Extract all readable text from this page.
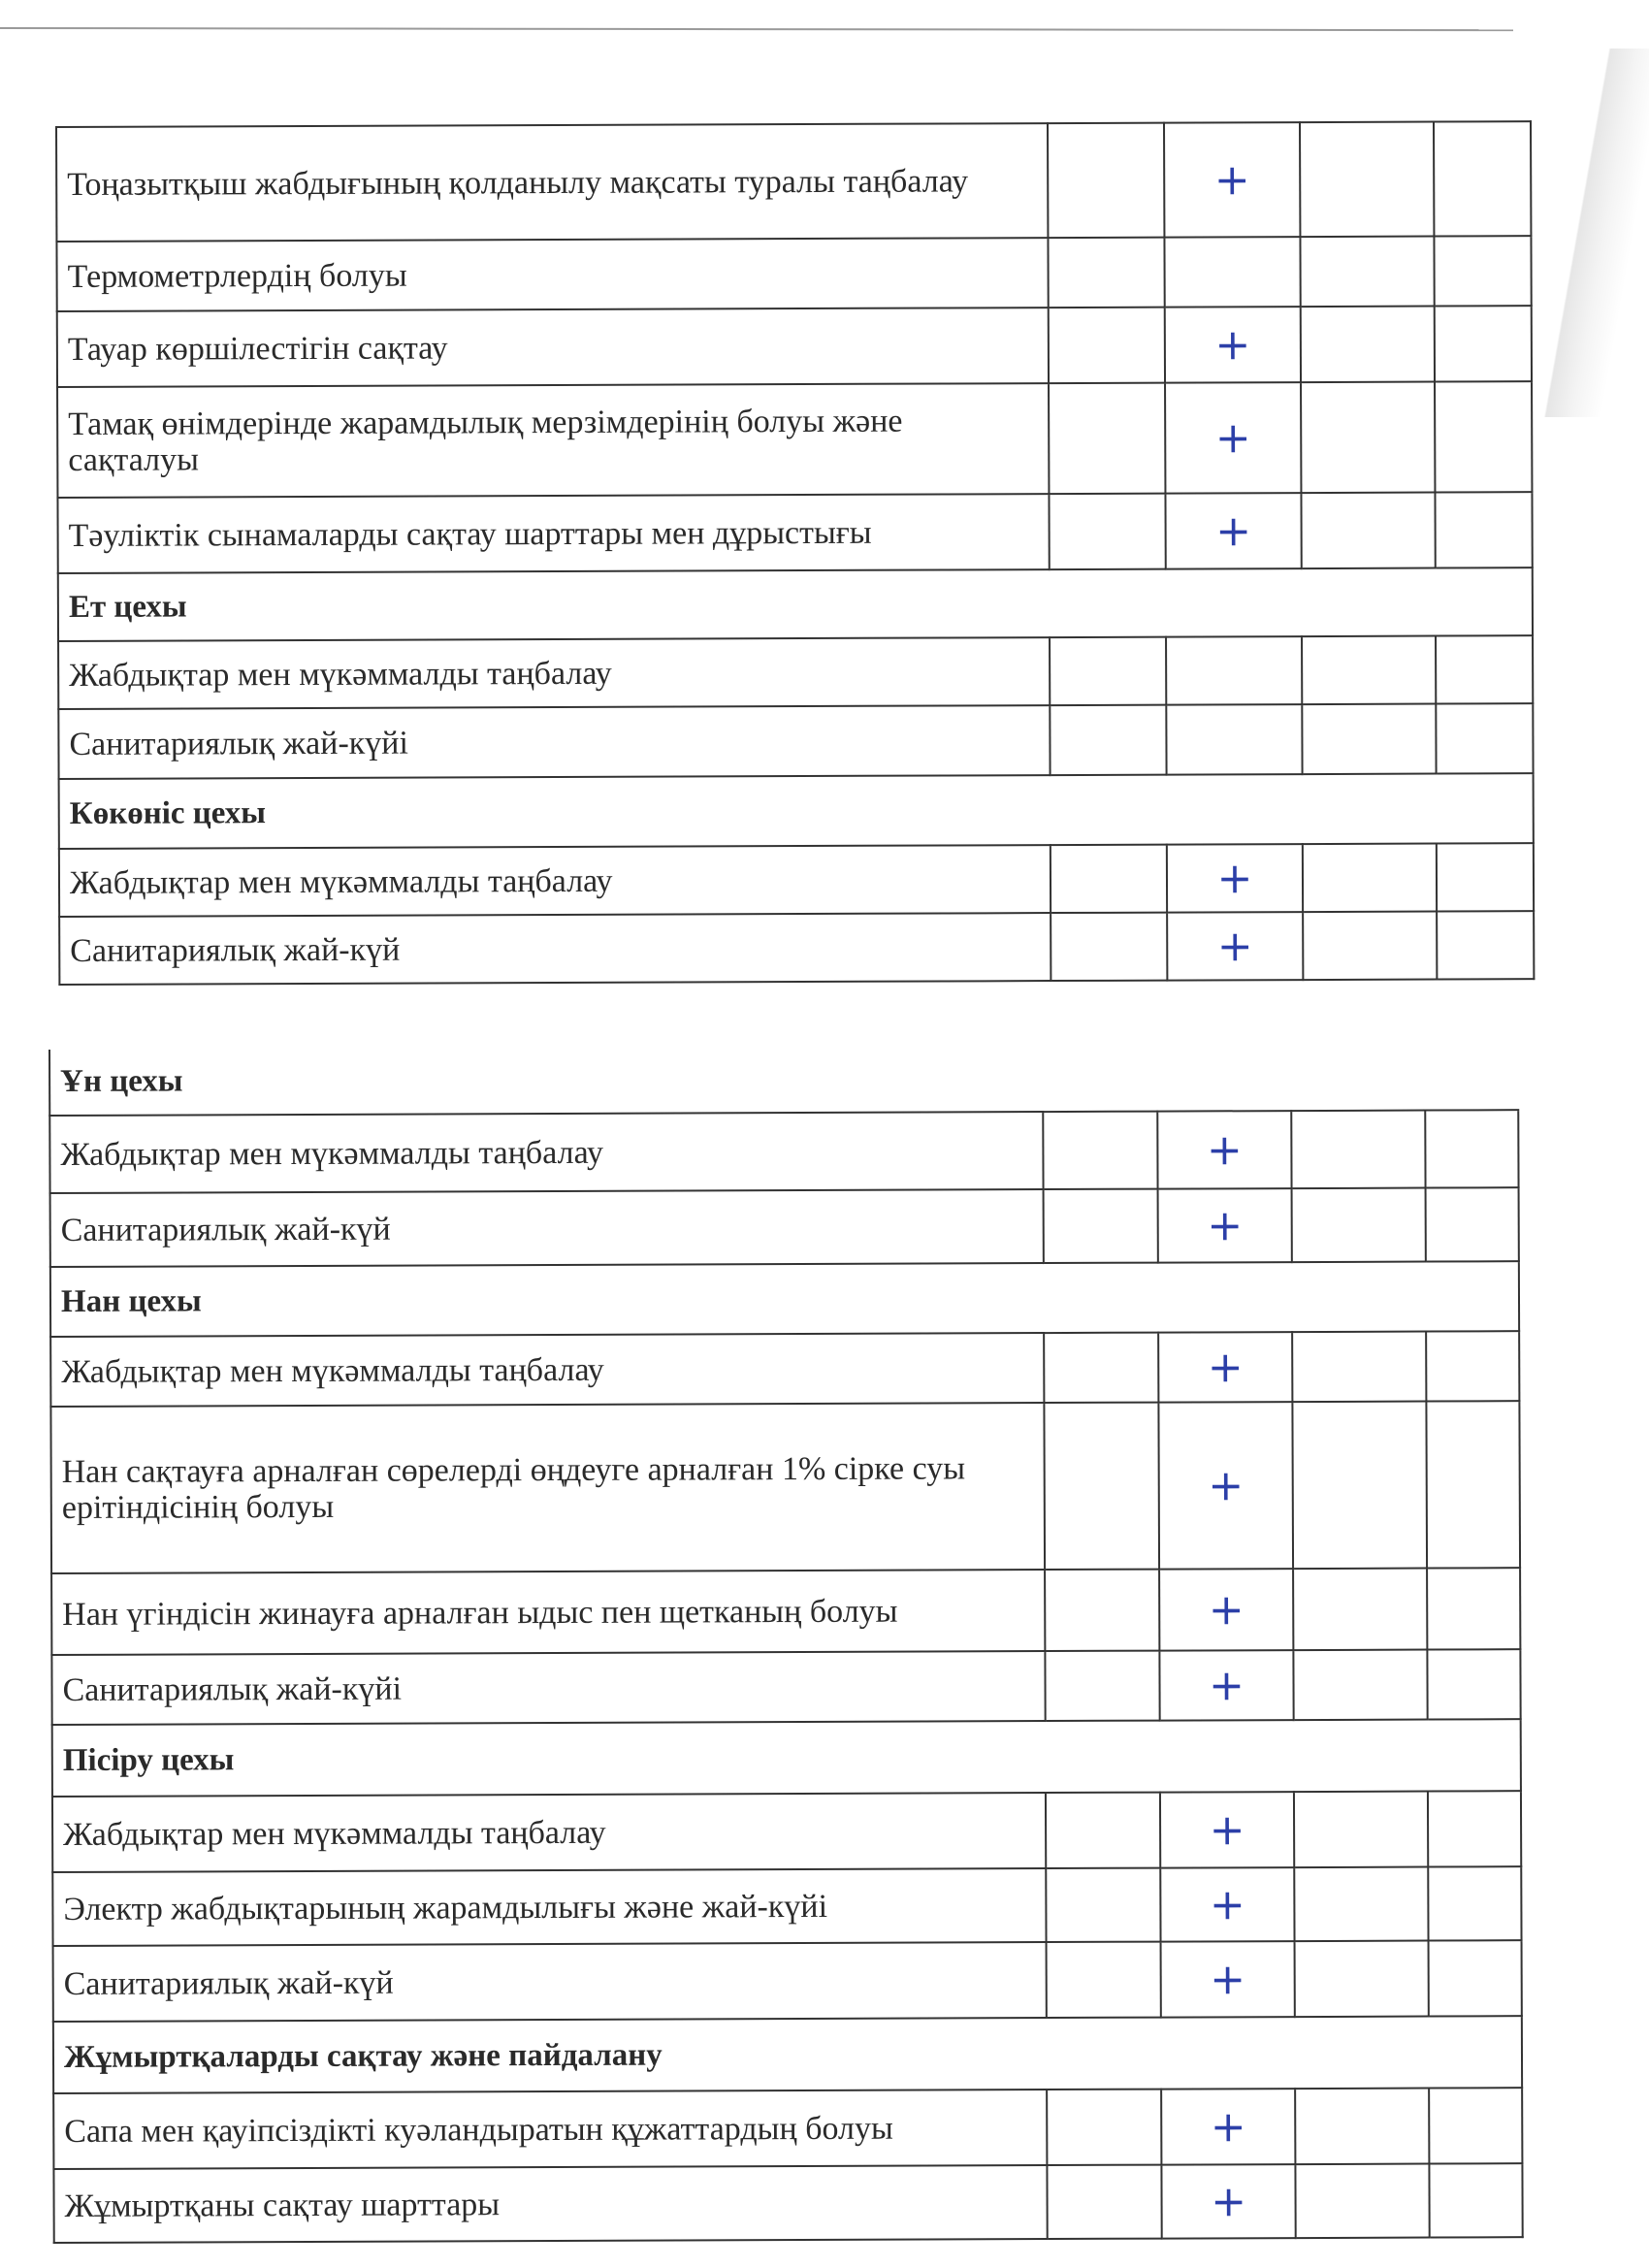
Тоңазытқыш жабдығының қолданылу мақсаты туралы таңбалау		+		
Термометрлердің болуы				
Тауар көршілестігін сақтау		+		
Тамақ өнімдерінде жарамдылық мерзімдерінің болуы және сақталуы		+		
Тәуліктік сынамаларды сақтау шарттары мен дұрыстығы		+		
Ет цехы				
Жабдықтар мен мүкәммалды таңбалау				
Санитариялық жай-күйі				
Көкөніс цехы				
Жабдықтар мен мүкәммалды таңбалау		+		
Санитариялық жай-күй		+		
Ұн цехы				
Жабдықтар мен мүкәммалды таңбалау		+		
Санитариялық жай-күй		+		
Нан цехы				
Жабдықтар мен мүкәммалды таңбалау		+		
Нан сақтауға арналған сөрелерді өңдеуге арналған 1% сірке суы ерітіндісінің болуы		+		
Нан үгіндісін жинауға арналған ыдыс пен щетканың болуы		+		
Санитариялық жай-күйі		+		
Пісіру цехы				
Жабдықтар мен мүкәммалды таңбалау		+		
Электр жабдықтарының жарамдылығы және жай-күйі		+		
Санитариялық жай-күй		+		
Жұмыртқаларды сақтау және пайдалану				
Сапа мен қауіпсіздікті куәландыратын құжаттардың болуы		+		
Жұмыртқаны сақтау шарттары		+		
